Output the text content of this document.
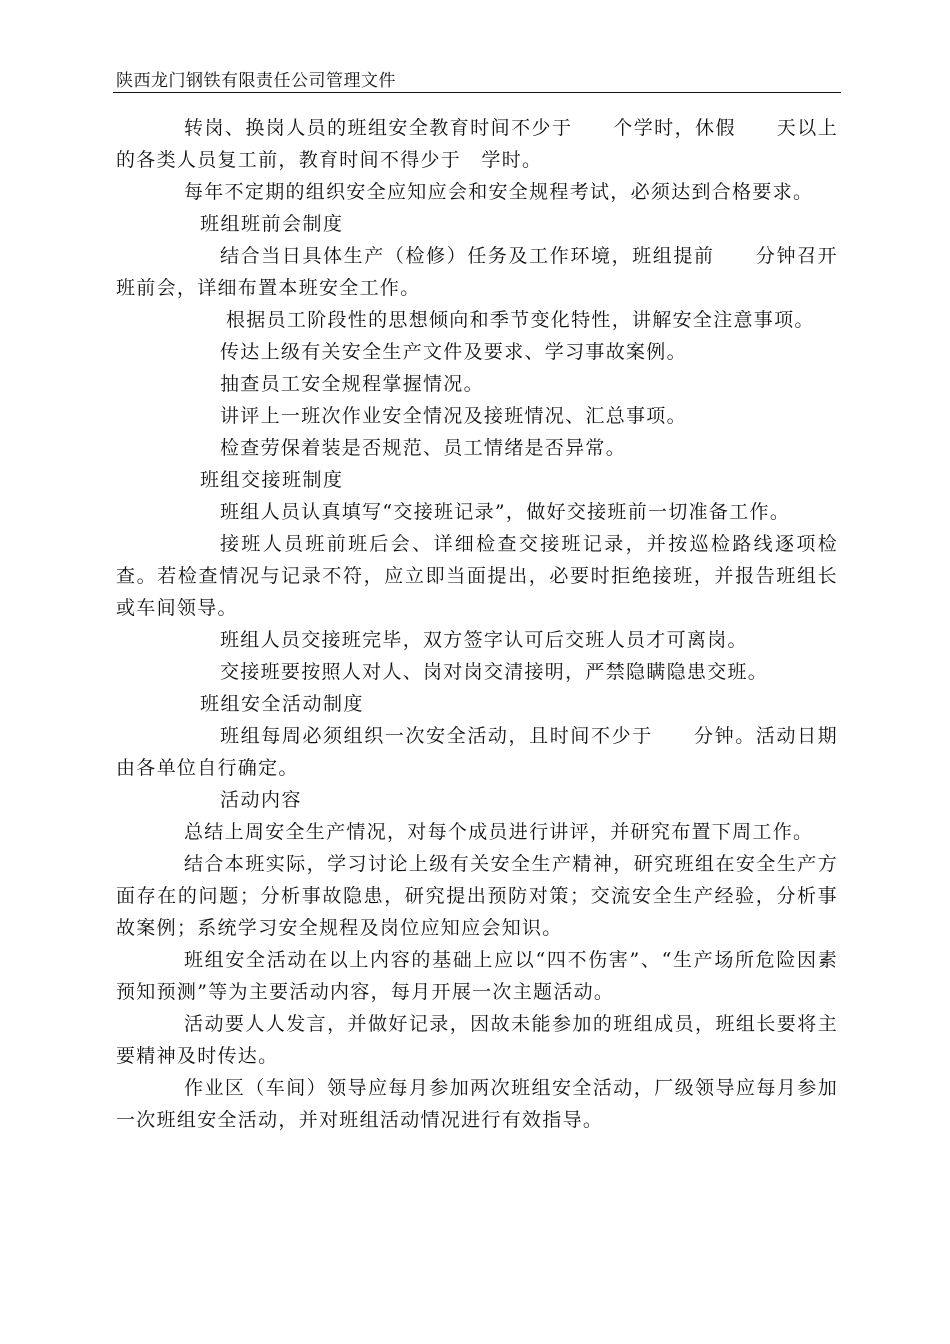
陕西龙门钢铁有限责任公司管理文件

转岗、换岗人员的班组安全教育时间不少于　　个学时，休假　　天以上的各类人员复工前，教育时间不得少于　学时。

每年不定期的组织安全应知应会和安全规程考试，必须达到合格要求。

班组班前会制度

结合当日具体生产（检修）任务及工作环境，班组提前　　分钟召开班前会，详细布置本班安全工作。

根据员工阶段性的思想倾向和季节变化特性，讲解安全注意事项。

传达上级有关安全生产文件及要求、学习事故案例。

抽查员工安全规程掌握情况。

讲评上一班次作业安全情况及接班情况、汇总事项。

检查劳保着装是否规范、员工情绪是否异常。

班组交接班制度

班组人员认真填写“交接班记录”，做好交接班前一切准备工作。

接班人员班前班后会、详细检查交接班记录，并按巡检路线逐项检查。若检查情况与记录不符，应立即当面提出，必要时拒绝接班，并报告班组长或车间领导。

班组人员交接班完毕，双方签字认可后交班人员才可离岗。

交接班要按照人对人、岗对岗交清接明，严禁隐瞒隐患交班。

班组安全活动制度

班组每周必须组织一次安全活动，且时间不少于　　分钟。活动日期由各单位自行确定。

活动内容

总结上周安全生产情况，对每个成员进行讲评，并研究布置下周工作。

结合本班实际，学习讨论上级有关安全生产精神，研究班组在安全生产方面存在的问题；分析事故隐患，研究提出预防对策；交流安全生产经验，分析事故案例；系统学习安全规程及岗位应知应会知识。

班组安全活动在以上内容的基础上应以“四不伤害”、“生产场所危险因素预知预测”等为主要活动内容，每月开展一次主题活动。

活动要人人发言，并做好记录，因故未能参加的班组成员，班组长要将主要精神及时传达。

作业区（车间）领导应每月参加两次班组安全活动，厂级领导应每月参加一次班组安全活动，并对班组活动情况进行有效指导。
